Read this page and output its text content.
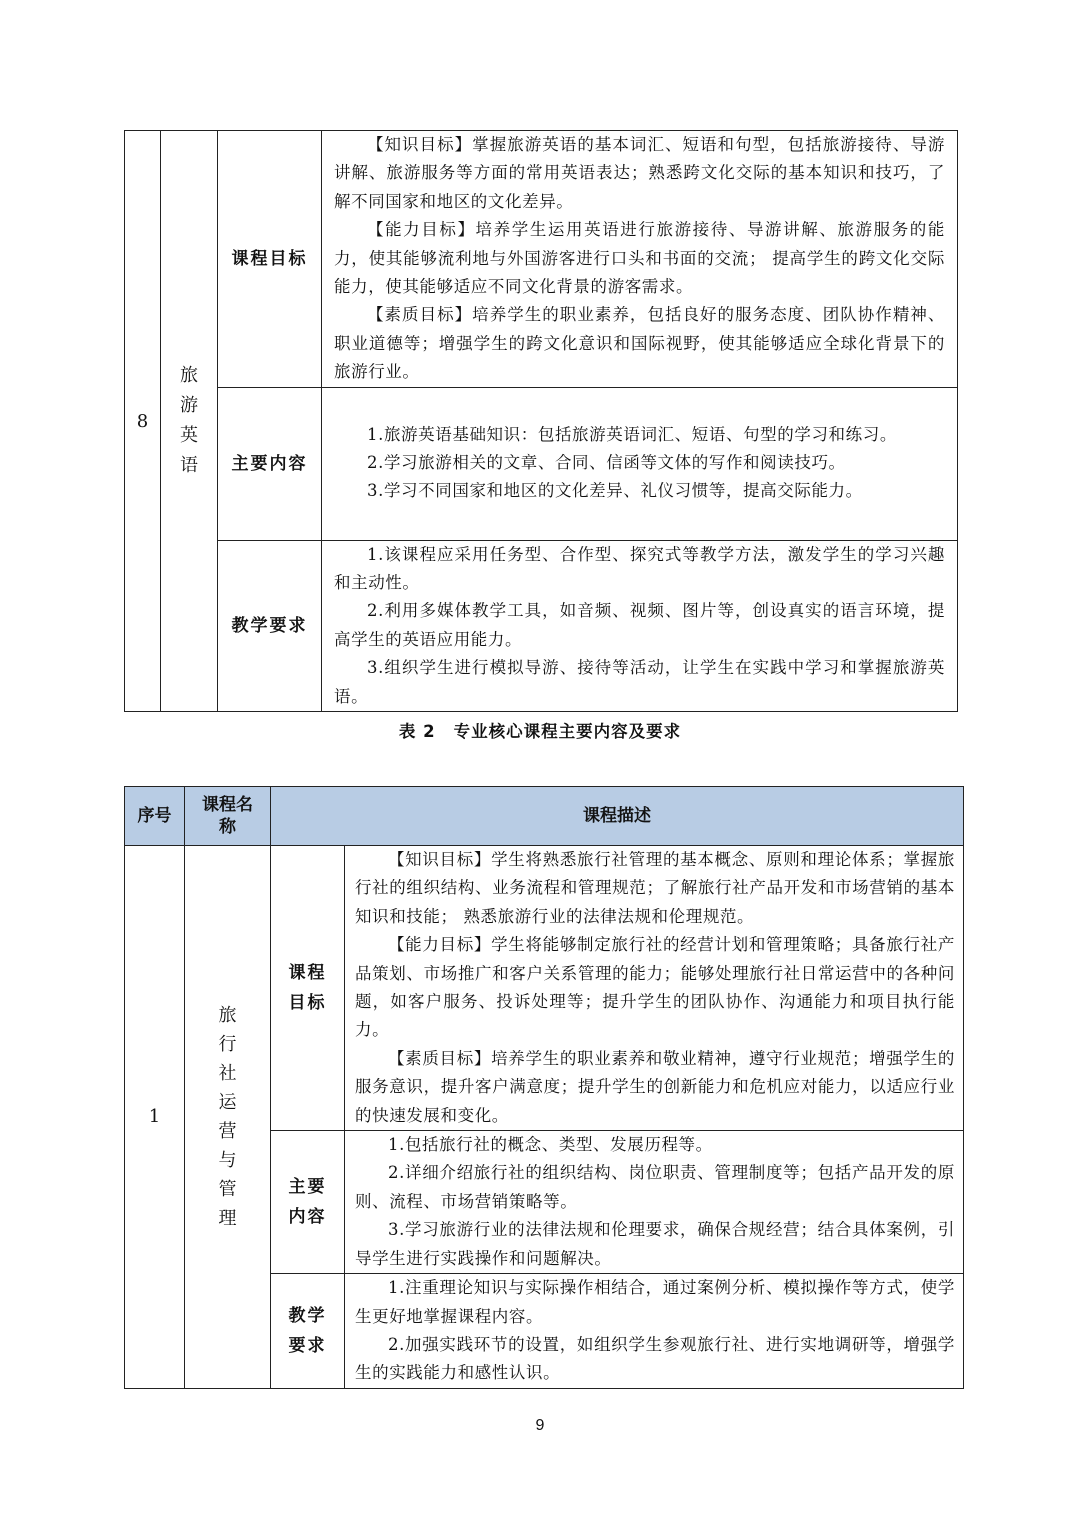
8	旅游英语	课程目标	【知识目标】掌握旅游英语的基本词汇、短语和句型，包括旅游接待、导游讲解、旅游服务等方面的常用英语表达；熟悉跨文化交际的基本知识和技巧，了解不同国家和地区的文化差异。

【能力目标】培养学生运用英语进行旅游接待、导游讲解、旅游服务的能力，使其能够流利地与外国游客进行口头和书面的交流； 提高学生的跨文化交际能力，使其能够适应不同文化背景的游客需求。

【素质目标】培养学生的职业素养，包括良好的服务态度、团队协作精神、职业道德等；增强学生的跨文化意识和国际视野，使其能够适应全球化背景下的旅游行业。

		主要内容	1.旅游英语基础知识：包括旅游英语词汇、短语、句型的学习和练习。

2.学习旅游相关的文章、合同、信函等文体的写作和阅读技巧。

3.学习不同国家和地区的文化差异、礼仪习惯等，提高交际能力。

		教学要求	1.该课程应采用任务型、合作型、探究式等教学方法，激发学生的学习兴趣和主动性。

2.利用多媒体教学工具，如音频、视频、图片等，创设真实的语言环境，提高学生的英语应用能力。

3.组织学生进行模拟导游、接待等活动，让学生在实践中学习和掌握旅游英语。

表 2 专业核心课程主要内容及要求
序号	课程名称	课程描述	
1	旅行社运营与管理	课程目标	【知识目标】学生将熟悉旅行社管理的基本概念、原则和理论体系；掌握旅行社的组织结构、业务流程和管理规范；了解旅行社产品开发和市场营销的基本知识和技能； 熟悉旅游行业的法律法规和伦理规范。

【能力目标】学生将能够制定旅行社的经营计划和管理策略；具备旅行社产品策划、市场推广和客户关系管理的能力；能够处理旅行社日常运营中的各种问题，如客户服务、投诉处理等；提升学生的团队协作、沟通能力和项目执行能力。

【素质目标】培养学生的职业素养和敬业精神，遵守行业规范；增强学生的服务意识，提升客户满意度；提升学生的创新能力和危机应对能力，以适应行业的快速发展和变化。

		主要内容	1.包括旅行社的概念、类型、发展历程等。

2.详细介绍旅行社的组织结构、岗位职责、管理制度等；包括产品开发的原则、流程、市场营销策略等。

3.学习旅游行业的法律法规和伦理要求，确保合规经营；结合具体案例，引导学生进行实践操作和问题解决。

		教学要求	1.注重理论知识与实际操作相结合，通过案例分析、模拟操作等方式，使学生更好地掌握课程内容。

2.加强实践环节的设置，如组织学生参观旅行社、进行实地调研等，增强学生的实践能力和感性认识。

9
